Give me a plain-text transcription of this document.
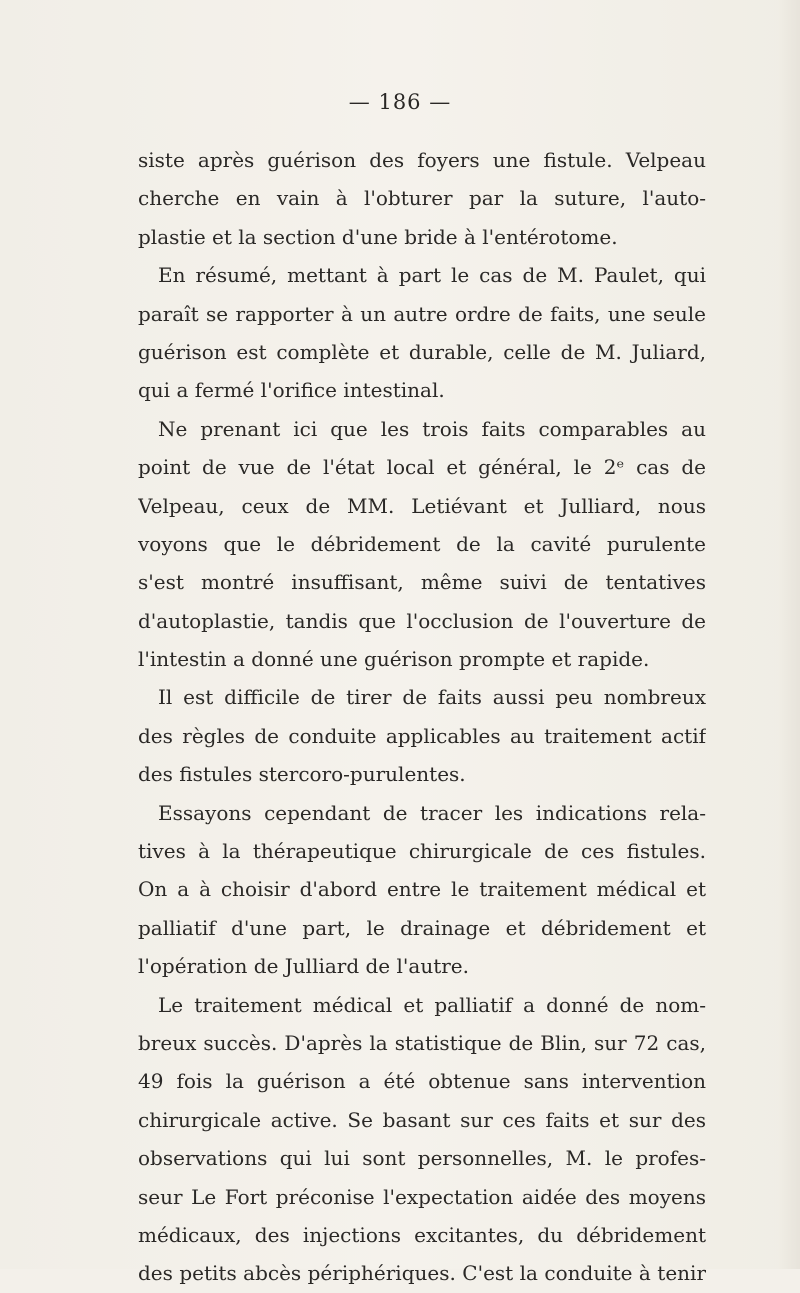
— 186 —
siste après guérison des foyers une fistule. Velpeau
cherche en vain à l'obturer par la suture, l'auto-
plastie et la section d'une bride à l'entérotome.
En résumé, mettant à part le cas de M. Paulet, qui
paraît se rapporter à un autre ordre de faits, une seule
guérison est complète et durable, celle de M. Juliard,
qui a fermé l'orifice intestinal.
Ne prenant ici que les trois faits comparables au
point de vue de l'état local et général, le 2ᵉ cas de
Velpeau, ceux de MM. Letiévant et Julliard, nous
voyons que le débridement de la cavité purulente
s'est montré insuffisant, même suivi de tentatives
d'autoplastie, tandis que l'occlusion de l'ouverture de
l'intestin a donné une guérison prompte et rapide.
Il est difficile de tirer de faits aussi peu nombreux
des règles de conduite applicables au traitement actif
des fistules stercoro-purulentes.
Essayons cependant de tracer les indications rela-
tives à la thérapeutique chirurgicale de ces fistules.
On a à choisir d'abord entre le traitement médical et
palliatif d'une part, le drainage et débridement et
l'opération de Julliard de l'autre.
Le traitement médical et palliatif a donné de nom-
breux succès. D'après la statistique de Blin, sur 72 cas,
49 fois la guérison a été obtenue sans intervention
chirurgicale active. Se basant sur ces faits et sur des
observations qui lui sont personnelles, M. le profes-
seur Le Fort préconise l'expectation aidée des moyens
médicaux, des injections excitantes, du débridement
des petits abcès périphériques. C'est la conduite à tenir
